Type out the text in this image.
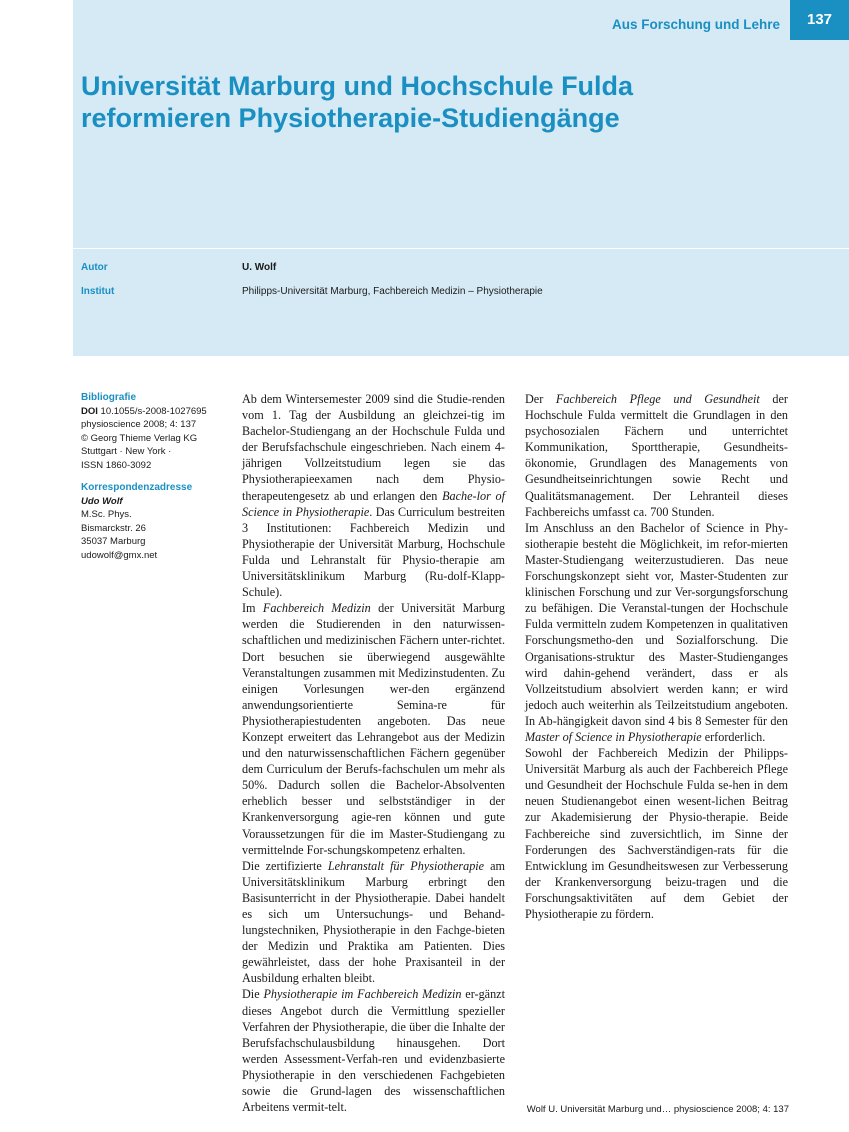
Aus Forschung und Lehre	137
Universität Marburg und Hochschule Fulda
reformieren Physiotherapie-Studiengänge
Autor	U. Wolf
Institut	Philipps-Universität Marburg, Fachbereich Medizin – Physiotherapie
Bibliografie
DOI 10.1055/s-2008-1027695
physioscience 2008; 4: 137
© Georg Thieme Verlag KG
Stuttgart · New York ·
ISSN 1860-3092
Korrespondenzadresse
Udo Wolf
M.Sc. Phys.
Bismarckstr. 26
35037 Marburg
udowolf@gmx.net

Ab dem Wintersemester 2009 sind die Studie-renden vom 1. Tag der Ausbildung an gleichzei-tig im Bachelor-Studiengang an der Hochschule Fulda und der Berufsfachschule eingeschrieben. Nach einem 4-jährigen Vollzeitstudium legen sie das Physiotherapieexamen nach dem Physio-therapeutengesetz ab und erlangen den Bache-lor of Science in Physiotherapie. Das Curriculum bestreiten 3 Institutionen: Fachbereich Medizin und Physiotherapie der Universität Marburg, Hochschule Fulda und Lehranstalt für Physio-therapie am Universitätsklinikum Marburg (Ru-dolf-Klapp-Schule).

Im Fachbereich Medizin der Universität Marburg werden die Studierenden in den naturwissen-schaftlichen und medizinischen Fächern unter-richtet. Dort besuchen sie überwiegend ausgewählte Veranstaltungen zusammen mit Medizinstudenten. Zu einigen Vorlesungen wer-den ergänzend anwendungsorientierte Semina-re für Physiotherapiestudenten angeboten. Das neue Konzept erweitert das Lehrangebot aus der Medizin und den naturwissenschaftlichen Fächern gegenüber dem Curriculum der Berufs-fachschulen um mehr als 50%. Dadurch sollen die Bachelor-Absolventen erheblich besser und selbstständiger in der Krankenversorgung agie-ren können und gute Voraussetzungen für die im Master-Studiengang zu vermittelnde For-schungskompetenz erhalten.

Die zertifizierte Lehranstalt für Physiotherapie am Universitätsklinikum Marburg erbringt den Basisunterricht in der Physiotherapie. Dabei handelt es sich um Untersuchungs- und Behand-lungstechniken, Physiotherapie in den Fachge-bieten der Medizin und Praktika am Patienten. Dies gewährleistet, dass der hohe Praxisanteil in der Ausbildung erhalten bleibt.

Die Physiotherapie im Fachbereich Medizin er-gänzt dieses Angebot durch die Vermittlung spezieller Verfahren der Physiotherapie, die über die Inhalte der Berufsfachschulausbildung hinausgehen. Dort werden Assessment-Verfah-ren und evidenzbasierte Physiotherapie in den verschiedenen Fachgebieten sowie die Grund-lagen des wissenschaftlichen Arbeitens vermit-telt.

Der Fachbereich Pflege und Gesundheit der Hochschule Fulda vermittelt die Grundlagen in den psychosozialen Fächern und unterrichtet Kommunikation, Sporttherapie, Gesundheits-ökonomie, Grundlagen des Managements von Gesundheitseinrichtungen sowie Recht und Qualitätsmanagement. Der Lehranteil dieses Fachbereichs umfasst ca. 700 Stunden.

Im Anschluss an den Bachelor of Science in Phy-siotherapie besteht die Möglichkeit, im refor-mierten Master-Studiengang weiterzustudieren. Das neue Forschungskonzept sieht vor, Master-Studenten zur klinischen Forschung und zur Ver-sorgungsforschung zu befähigen. Die Veranstal-tungen der Hochschule Fulda vermitteln zudem Kompetenzen in qualitativen Forschungsmetho-den und Sozialforschung. Die Organisations-struktur des Master-Studienganges wird dahin-gehend verändert, dass er als Vollzeitstudium absolviert werden kann; er wird jedoch auch weiterhin als Teilzeitstudium angeboten. In Ab-hängigkeit davon sind 4 bis 8 Semester für den Master of Science in Physiotherapie erforderlich.

Sowohl der Fachbereich Medizin der Philipps-Universität Marburg als auch der Fachbereich Pflege und Gesundheit der Hochschule Fulda se-hen in dem neuen Studienangebot einen wesent-lichen Beitrag zur Akademisierung der Physio-therapie. Beide Fachbereiche sind zuversichtlich, im Sinne der Forderungen des Sachverständigen-rats für die Entwicklung im Gesundheitswesen zur Verbesserung der Krankenversorgung beizu-tragen und die Forschungsaktivitäten auf dem Gebiet der Physiotherapie zu fördern.

Wolf U. Universität Marburg und… physioscience 2008; 4: 137
